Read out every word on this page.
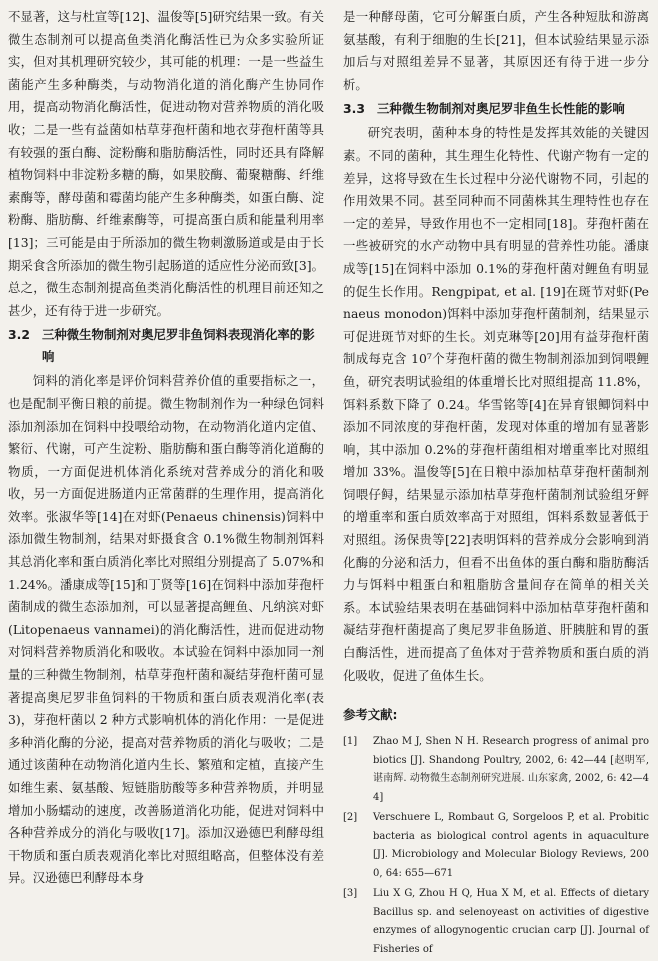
不显著，这与杜宣等[12]、温俊等[5]研究结果一致。有关微生态制剂可以提高鱼类消化酶活性已为众多实验所证实，但对其机理研究较少，其可能的机理：一是一些益生菌能产生多种酶类，与动物消化道的消化酶产生协同作用，提高动物消化酶活性，促进动物对营养物质的消化吸收；二是一些有益菌如枯草芽孢杆菌和地衣芽孢杆菌等具有较强的蛋白酶、淀粉酶和脂肪酶活性，同时还具有降解植物饲料中非淀粉多糖的酶，如果胶酶、葡聚糖酶、纤维素酶等，酵母菌和霉菌均能产生多种酶类，如蛋白酶、淀粉酶、脂肪酶、纤维素酶等，可提高蛋白质和能量利用率[13]；三可能是由于所添加的微生物刺激肠道或是由于长期采食含所添加的微生物引起肠道的适应性分泌而致[3]。总之，微生态制剂提高鱼类消化酶活性的机理目前还知之甚少，还有待于进一步研究。

3.2 三种微生物制剂对奥尼罗非鱼饲料表现消化率的影响

饲料的消化率是评价饲料营养价值的重要指标之一，也是配制平衡日粮的前提。微生物制剂作为一种绿色饲料添加剂添加在饲料中投喂给动物，在动物消化道内定值、繁衍、代谢，可产生淀粉、脂肪酶和蛋白酶等消化道酶的物质，一方面促进机体消化系统对营养成分的消化和吸收，另一方面促进肠道内正常菌群的生理作用，提高消化效率。张淑华等[14]在对虾(Penaeus chinensis)饲料中添加微生物制剂，结果对虾摄食含 0.1%微生物制剂饵料其总消化率和蛋白质消化率比对照组分别提高了 5.07%和 1.24%。潘康成等[15]和丁贤等[16]在饲料中添加芽孢杆菌制成的微生态添加剂，可以显著提高鲤鱼、凡纳滨对虾(Litopenaeus vannamei)的消化酶活性，进而促进动物对饲料营养物质消化和吸收。本试验在饲料中添加同一剂量的三种微生物制剂，枯草芽孢杆菌和凝结芽孢杆菌可显著提高奥尼罗非鱼饲料的干物质和蛋白质表观消化率(表 3)，芽孢杆菌以 2 种方式影响机体的消化作用：一是促进多种消化酶的分泌，提高对营养物质的消化与吸收；二是通过该菌种在动物消化道内生长、繁殖和定植，直接产生如维生素、氨基酸、短链脂肪酸等多种营养物质，并明显增加小肠蠕动的速度，改善肠道消化功能，促进对饲料中各种营养成分的消化与吸收[17]。添加汉逊德巴利酵母组干物质和蛋白质表观消化率比对照组略高，但整体没有差异。汉逊德巴利酵母本身

是一种酵母菌，它可分解蛋白质，产生各种短肽和游离氨基酸，有利于细胞的生长[21]，但本试验结果显示添加后与对照组差异不显著，其原因还有待于进一步分析。

3.3 三种微生物制剂对奥尼罗非鱼生长性能的影响

研究表明，菌种本身的特性是发挥其效能的关键因素。不同的菌种，其生理生化特性、代谢产物有一定的差异，这将导致在生长过程中分泌代谢物不同，引起的作用效果不同。甚至同种而不同菌株其生理特性也存在一定的差异，导致作用也不一定相同[18]。芽孢杆菌在一些被研究的水产动物中具有明显的营养性功能。潘康成等[15]在饲料中添加 0.1%的芽孢杆菌对鲤鱼有明显的促生长作用。Rengpipat, et al. [19]在斑节对虾(Penaeus monodon)饵料中添加芽孢杆菌制剂，结果显示可促进斑节对虾的生长。刘克琳等[20]用有益芽孢杆菌制成每克含 10⁷个芽孢杆菌的微生物制剂添加到饲喂鲤鱼，研究表明试验组的体重增长比对照组提高 11.8%，饵料系数下降了 0.24。华雪铭等[4]在异育银鲫饲料中添加不同浓度的芽孢杆菌，发现对体重的增加有显著影响，其中添加 0.2%的芽孢杆菌组相对增重率比对照组增加 33%。温俊等[5]在日粮中添加枯草芽孢杆菌制剂饲喂仔鲟，结果显示添加枯草芽孢杆菌制剂试验组牙鲆的增重率和蛋白质效率高于对照组，饵料系数显著低于对照组。汤保贵等[22]表明饵料的营养成分会影响到消化酶的分泌和活力，但看不出鱼体的蛋白酶和脂肪酶活力与饵料中粗蛋白和粗脂肪含量间存在简单的相关关系。本试验结果表明在基础饲料中添加枯草芽孢杆菌和凝结芽孢杆菌提高了奥尼罗非鱼肠道、肝胰脏和胃的蛋白酶活性，进而提高了鱼体对于营养物质和蛋白质的消化吸收，促进了鱼体生长。

参考文献:
[1]	Zhao M J, Shen N H. Research progress of animal probiotics [J]. Shandong Poultry, 2002, 6: 42—44 [赵明军, 谌南辉. 动物微生态制剂研究进展. 山东家禽, 2002, 6: 42—44]
[2]	Verschuere L, Rombaut G, Sorgeloos P, et al. Probitic bacteria as biological control agents in aquaculture [J]. Microbiology and Molecular Biology Reviews, 2000, 64: 655—671
[3]	Liu X G, Zhou H Q, Hua X M, et al. Effects of dietary Bacillus sp. and selenoyeast on activities of digestive enzymes of allogynogentic crucian carp [J]. Journal of Fisheries of
